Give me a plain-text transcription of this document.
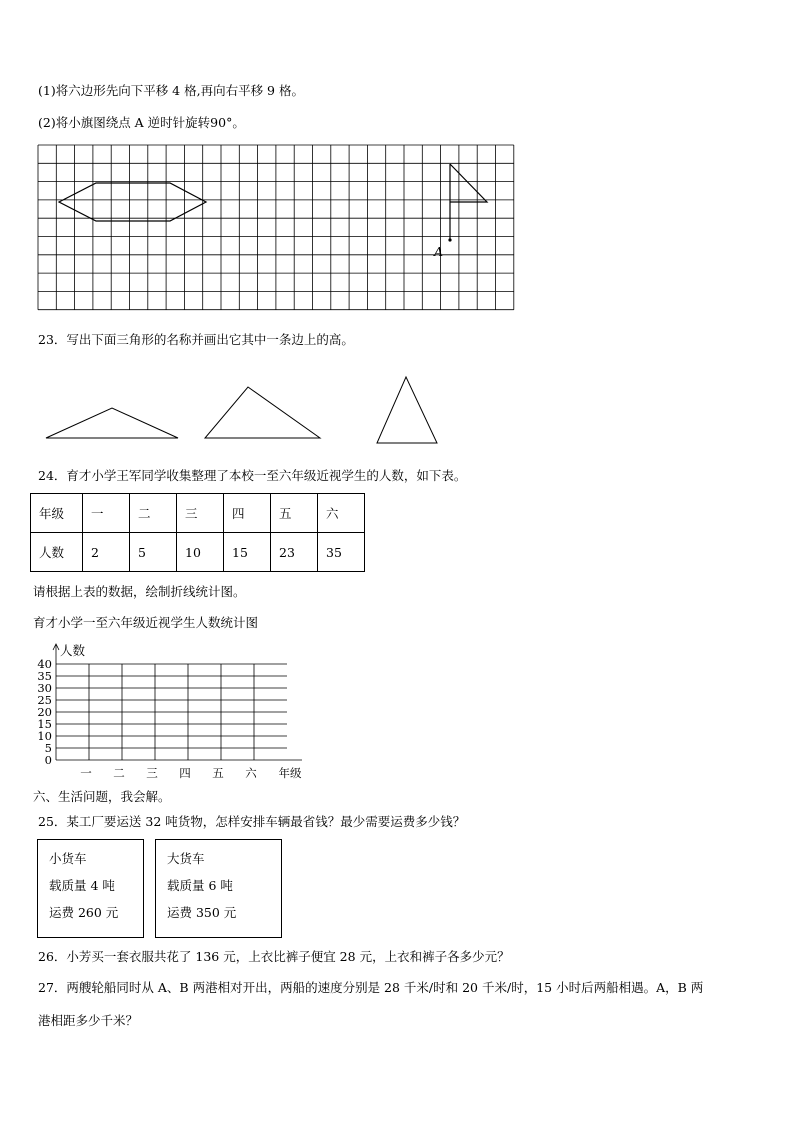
(1)将六边形先向下平移 4 格,再向右平移 9 格。
(2)将小旗图绕点 A 逆时针旋转90°。
A
23．写出下面三角形的名称并画出它其中一条边上的高。
24．育才小学王军同学收集整理了本校一至六年级近视学生的人数，如下表。
年级	一	二	三	四	五	六
人数	2	5	10	15	23	35
请根据上表的数据，绘制折线统计图。
育才小学一至六年级近视学生人数统计图
40
35
30
25
20
15
10
5
0
一 二 三 四 五 六 年级
人数
六、生活问题，我会解。
25．某工厂要运送 32 吨货物，怎样安排车辆最省钱？最少需要运费多少钱？
小货车
载质量 4 吨
运费 260 元
大货车
载质量 6 吨
运费 350 元
26．小芳买一套衣服共花了 136 元，上衣比裤子便宜 28 元，上衣和裤子各多少元？
27．两艘轮船同时从 A、B 两港相对开出，两船的速度分别是 28 千米/时和 20 千米/时，15 小时后两船相遇。A，B 两
港相距多少千米？
